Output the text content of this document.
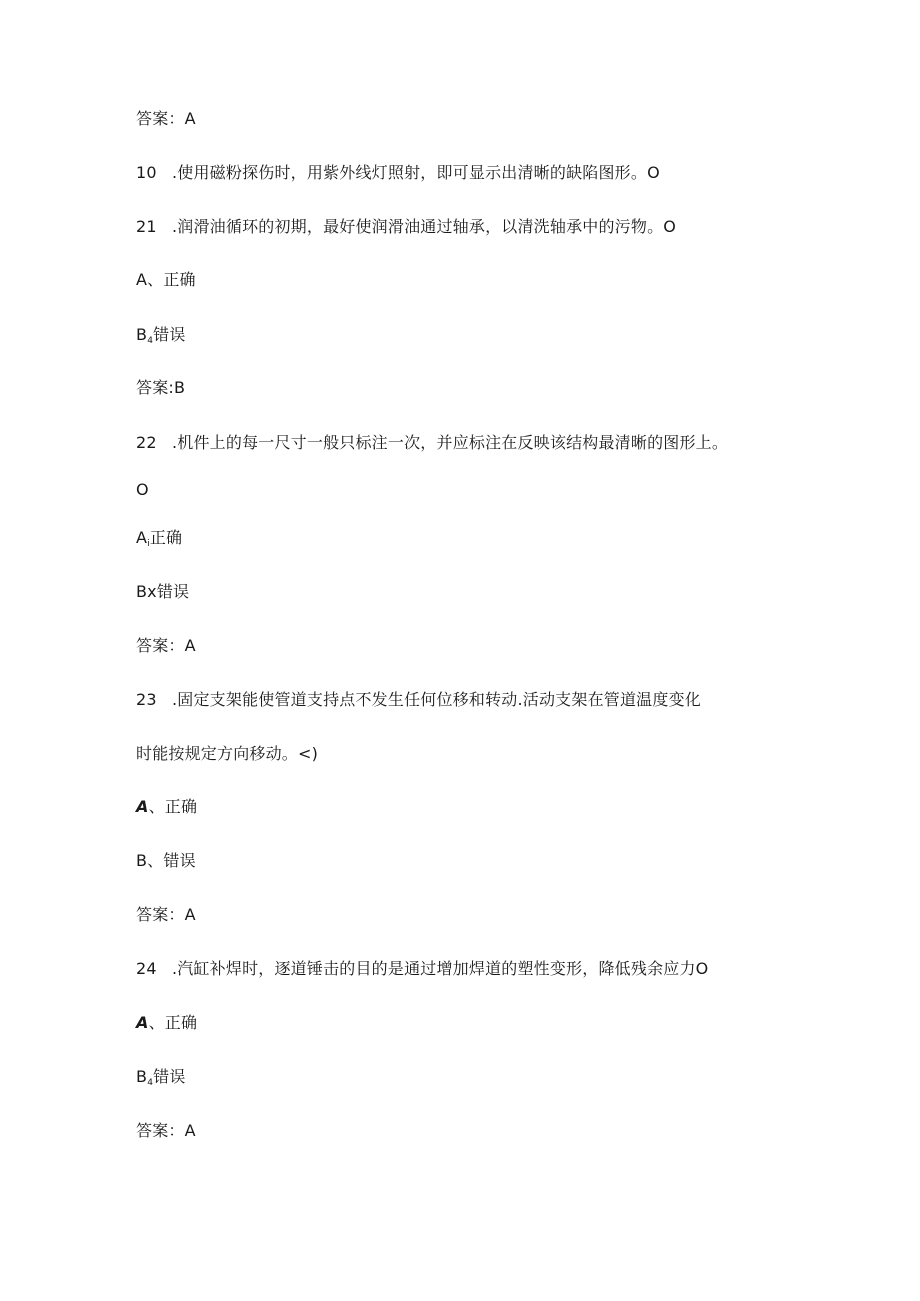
答案：A
10 .使用磁粉探伤时，用紫外线灯照射，即可显示出清晰的缺陷图形。O
21 .润滑油循环的初期，最好使润滑油通过轴承，以清洗轴承中的污物。O
A、正确
$B_4$错误
答案:B
22 .机件上的每一尺寸一般只标注一次，并应标注在反映该结构最清晰的图形上。
O
$A_i$正确
Bx错误
答案：A
23 .固定支架能使管道支持点不发生任何位移和转动.活动支架在管道温度变化
时能按规定方向移动。<)
A、正确
B、错误
答案：A
24 .汽缸补焊时，逐道锤击的目的是通过增加焊道的塑性变形，降低残余应力O
A、正确
$B_4$错误
答案：A
